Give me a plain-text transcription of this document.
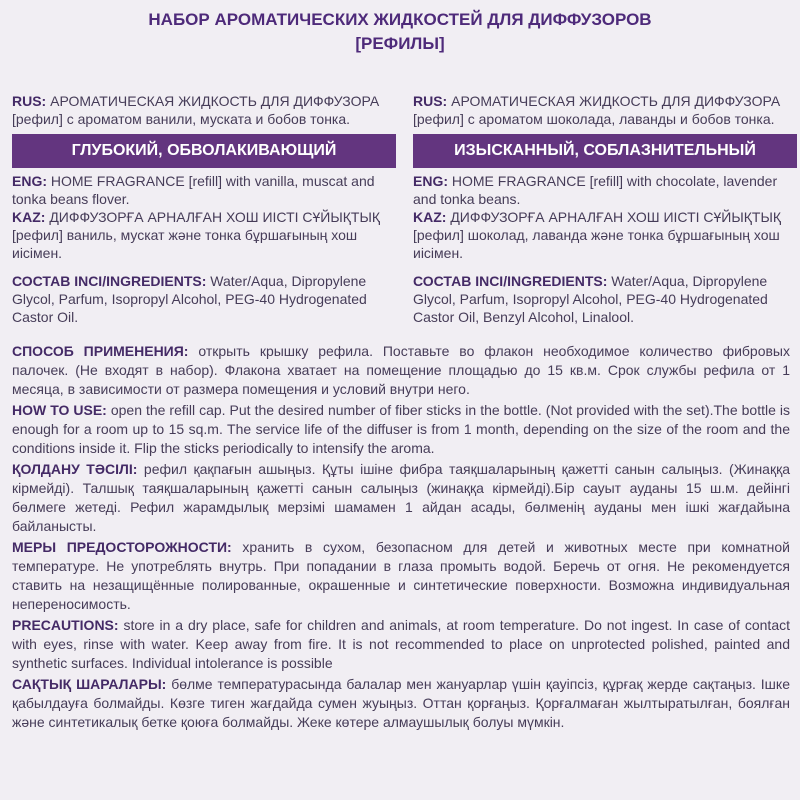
НАБОР АРОМАТИЧЕСКИХ ЖИДКОСТЕЙ ДЛЯ ДИФФУЗОРОВ
[РЕФИЛЫ]

RUS: АРОМАТИЧЕСКАЯ ЖИДКОСТЬ ДЛЯ ДИФФУЗОРА [рефил] с ароматом ванили, муската и бобов тонка.

ГЛУБОКИЙ, ОБВОЛАКИВАЮЩИЙ

ENG: HOME FRAGRANCE [refill] with vanilla, muscat and tonka beans flover.

KAZ: ДИФФУЗОРҒА АРНАЛҒАН ХОШ ИІСТІ СҰЙЫҚТЫҚ [рефил] ваниль, мускат және тонка бұршағының хош иісімен.

СОСТАВ INCI/INGREDIENTS: Water/Aqua, Dipropylene Glycol, Parfum, Isopropyl Alcohol, PEG-40 Hydrogenated Castor Oil.

RUS: АРОМАТИЧЕСКАЯ ЖИДКОСТЬ ДЛЯ ДИФФУЗОРА [рефил] с ароматом шоколада, лаванды и бобов тонка.

ИЗЫСКАННЫЙ, СОБЛАЗНИТЕЛЬНЫЙ

ENG: HOME FRAGRANCE [refill] with chocolate, lavender and tonka beans.

KAZ: ДИФФУЗОРҒА АРНАЛҒАН ХОШ ИІСТІ СҰЙЫҚТЫҚ [рефил] шоколад, лаванда және тонка бұршағының хош иісімен.

СОСТАВ INCI/INGREDIENTS: Water/Aqua, Dipropylene Glycol, Parfum, Isopropyl Alcohol, PEG-40 Hydrogenated Castor Oil, Benzyl Alcohol, Linalool.

СПОСОБ ПРИМЕНЕНИЯ: открыть крышку рефила. Поставьте во флакон необходимое количество фибровых палочек. (Не входят в набор). Флакона хватает на помещение площадью до 15 кв.м. Срок службы рефила от 1 месяца, в зависимости от размера помещения и условий внутри него.

HOW TO USE: open the refill cap. Put the desired number of fiber sticks in the bottle. (Not provided with the set).The bottle is enough for a room up to 15 sq.m. The service life of the diffuser is from 1 month, depending on the size of the room and the conditions inside it. Flip the sticks periodically to intensify the aroma.

ҚОЛДАНУ ТӘСІЛІ: рефил қақпағын ашыңыз. Құты ішіне фибра таяқшаларының қажетті санын салыңыз. (Жинаққа кірмейді). Талшық таяқшаларының қажетті санын салыңыз (жинаққа кірмейді).Бір сауыт ауданы 15 ш.м. дейінгі бөлмеге жетеді. Рефил жарамдылық мерзімі шамамен 1 айдан асады, бөлменің ауданы мен ішкі жағдайына байланысты.

МЕРЫ ПРЕДОСТОРОЖНОСТИ: хранить в сухом, безопасном для детей и животных месте при комнатной температуре. Не употреблять внутрь. При попадании в глаза промыть водой. Беречь от огня. Не рекомендуется ставить на незащищённые полированные, окрашенные и синтетические поверхности. Возможна индивидуальная непереносимость.

PRECAUTIONS: store in a dry place, safe for children and animals, at room temperature. Do not ingest. In case of contact with eyes, rinse with water. Keep away from fire. It is not recommended to place on unprotected polished, painted and synthetic surfaces. Individual intolerance is possible

САҚТЫҚ ШАРАЛАРЫ: бөлме температурасында балалар мен жануарлар үшін қауіпсіз, құрғақ жерде сақтаңыз. Ішке қабылдауға болмайды. Көзге тиген жағдайда сумен жуыңыз. Оттан қорғаңыз. Қорғалмаған жылтыратылған, боялған және синтетикалық бетке қоюға болмайды. Жеке көтере алмаушылық болуы мүмкін.
